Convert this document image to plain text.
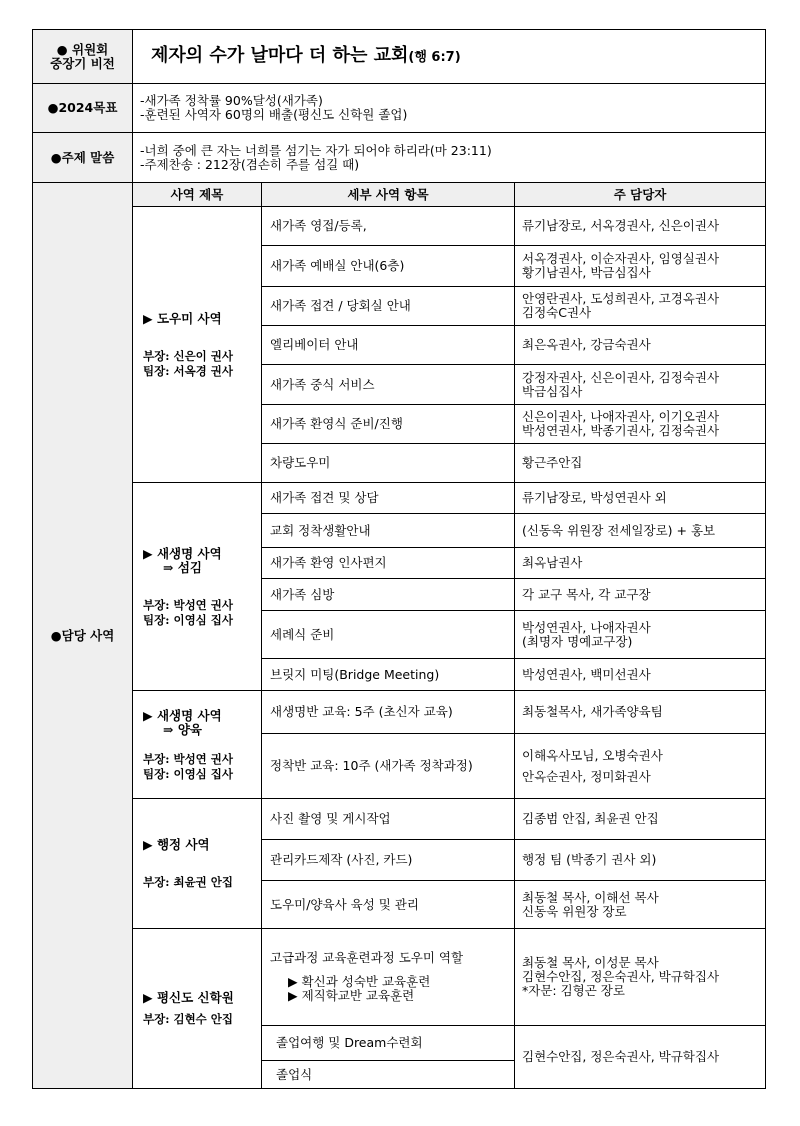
● 위원회
중장기 비전	제자의 수가 날마다 더 하는 교회(행 6:7)		
●2024목표	-새가족 정착률 90%달성(새가족)
-훈련된 사역자 60명의 배출(평신도 신학원 졸업)		

●주제 말씀	-너희 중에 큰 자는 너희를 섬기는 자가 되어야 하리라(마 23:11)
-주제찬송 : 212장(겸손히 주를 섬길 때)		

●담당 사역	사역 제목	세부 사역 항목	주 담당자

	▶ 도우미 사역
부장: 신은이 권사
팀장: 서옥경 권사	새가족 영접/등록,	류기남장로, 서옥경권사, 신은이권사
		새가족 예배실 안내(6층)	서옥경권사, 이순자권사, 임영실권사
황기남권사, 박금심집사

		새가족 접견 / 당회실 안내	안영란권사, 도성희권사, 고경옥권사
김정숙C권사

		엘리베이터 안내	최은옥권사, 강금숙권사
		새가족 중식 서비스	강정자권사, 신은이권사, 김정숙권사
박금심집사

		새가족 환영식 준비/진행	신은이권사, 나애자권사, 이기오권사
박성연권사, 박종기권사, 김정숙권사

		차량도우미	황근주안집

	▶ 새생명 사역
⇒ 섬김
부장: 박성연 권사
팀장: 이영심 집사	새가족 접견 및 상담	류기남장로, 박성연권사 외
		교회 정착생활안내	(신동욱 위원장 전세일장로) + 홍보
		새가족 환영 인사편지	최옥남권사
		새가족 심방	각 교구 목사, 각 교구장
		세례식 준비	박성연권사, 나애자권사
(최명자 명예교구장)

		브릿지 미팅(Bridge Meeting)	박성연권사, 백미선권사

	▶ 새생명 사역
⇒ 양육
부장: 박성연 권사
팀장: 이영심 집사	새생명반 교육: 5주 (초신자 교육)	최동철목사, 새가족양육팀
		정착반 교육: 10주 (새가족 정착과정)	이해옥사모님, 오병숙권사
안옥순권사, 정미화권사

	▶ 행정 사역
부장: 최윤권 안집	사진 촬영 및 게시작업	김종범 안집, 최윤권 안집
		관리카드제작 (사진, 카드)	행정 팀 (박종기 권사 외)
		도우미/양육사 육성 및 관리	최동철 목사, 이해선 목사
신동욱 위원장 장로

	▶ 평신도 신학원
부장: 김현수 안집	고급과정 교육훈련과정 도우미 역할
▶ 확신과 성숙반 교육훈련
▶ 제직학교반 교육훈련	최동철 목사, 이성문 목사
김현수안집, 정은숙권사, 박규학집사
*자문: 김형곤 장로

		졸업여행 및 Dream수련회	김현수안집, 정은숙권사, 박규학집사
		졸업식	
